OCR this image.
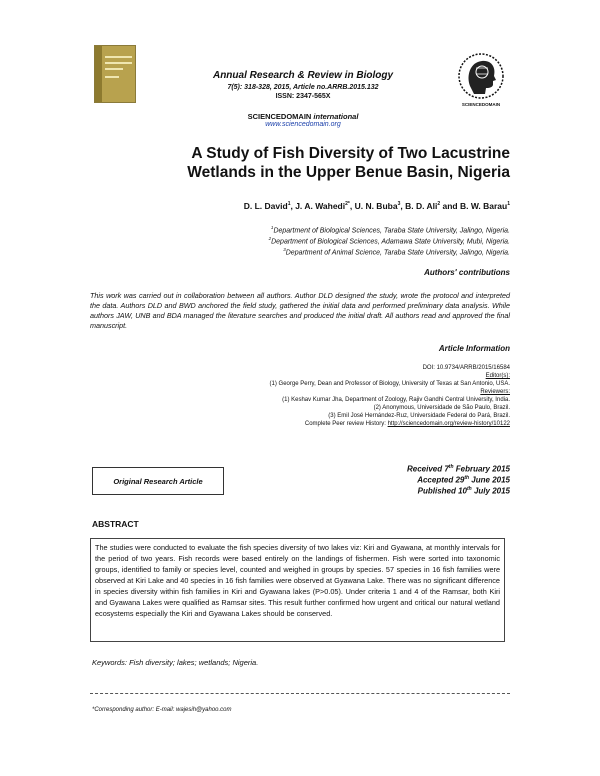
Annual Research & Review in Biology
7(5): 318-328, 2015, Article no.ARRB.2015.132
ISSN: 2347-565X
SCIENCEDOMAIN international
www.sciencedomain.org
SCIENCEDOMAIN
A Study of Fish Diversity of Two Lacustrine
Wetlands in the Upper Benue Basin, Nigeria
D. L. David$^1$, J. A. Wahedi$^{2*}$, U. N. Buba$^3$, B. D. Ali$^2$ and B. W. Barau$^1$
$^1$Department of Biological Sciences, Taraba State University, Jalingo, Nigeria.
$^2$Department of Biological Sciences, Adamawa State University, Mubi, Nigeria.
$^3$Department of Animal Science, Taraba State University, Jalingo, Nigeria.
Authors' contributions
This work was carried out in collaboration between all authors. Author DLD designed the study, wrote the protocol and interpreted the data. Authors DLD and BWD anchored the field study, gathered the initial data and performed preliminary data analysis. While authors JAW, UNB and BDA managed the literature searches and produced the initial draft. All authors read and approved the final manuscript.
Article Information
DOI: 10.9734/ARRB/2015/16584
Editor(s):
(1) George Perry, Dean and Professor of Biology, University of Texas at San Antonio, USA.
Reviewers:
(1) Keshav Kumar Jha, Department of Zoology, Rajiv Gandhi Central University, India.
(2) Anonymous, Universidade de São Paulo, Brazil.
(3) Emil José Hernández-Ruz, Universidade Federal do Pará, Brazil.
Complete Peer review History: http://sciencedomain.org/review-history/10122
Original Research Article
Received 7th February 2015
Accepted 29th June 2015
Published 10th July 2015
ABSTRACT
The studies were conducted to evaluate the fish species diversity of two lakes viz: Kiri and Gyawana, at monthly intervals for the period of two years. Fish records were based entirely on the landings of fishermen. Fish were sorted into taxonomic groups, identified to family or species level, counted and weighed in groups by species. 57 species in 16 fish families were observed at Kiri Lake and 40 species in 16 fish families were observed at Gyawana Lake. There was no significant difference in species diversity within fish families in Kiri and Gyawana lakes (P>0.05). Under criteria 1 and 4 of the Ramsar, both Kiri and Gyawana Lakes were qualified as Ramsar sites. This result further confirmed how urgent and critical our natural wetland ecosystems especially the Kiri and Gyawana Lakes should be conserved.
Keywords: Fish diversity; lakes; wetlands; Nigeria.
*Corresponding author: E-mail: wajesih@yahoo.com
